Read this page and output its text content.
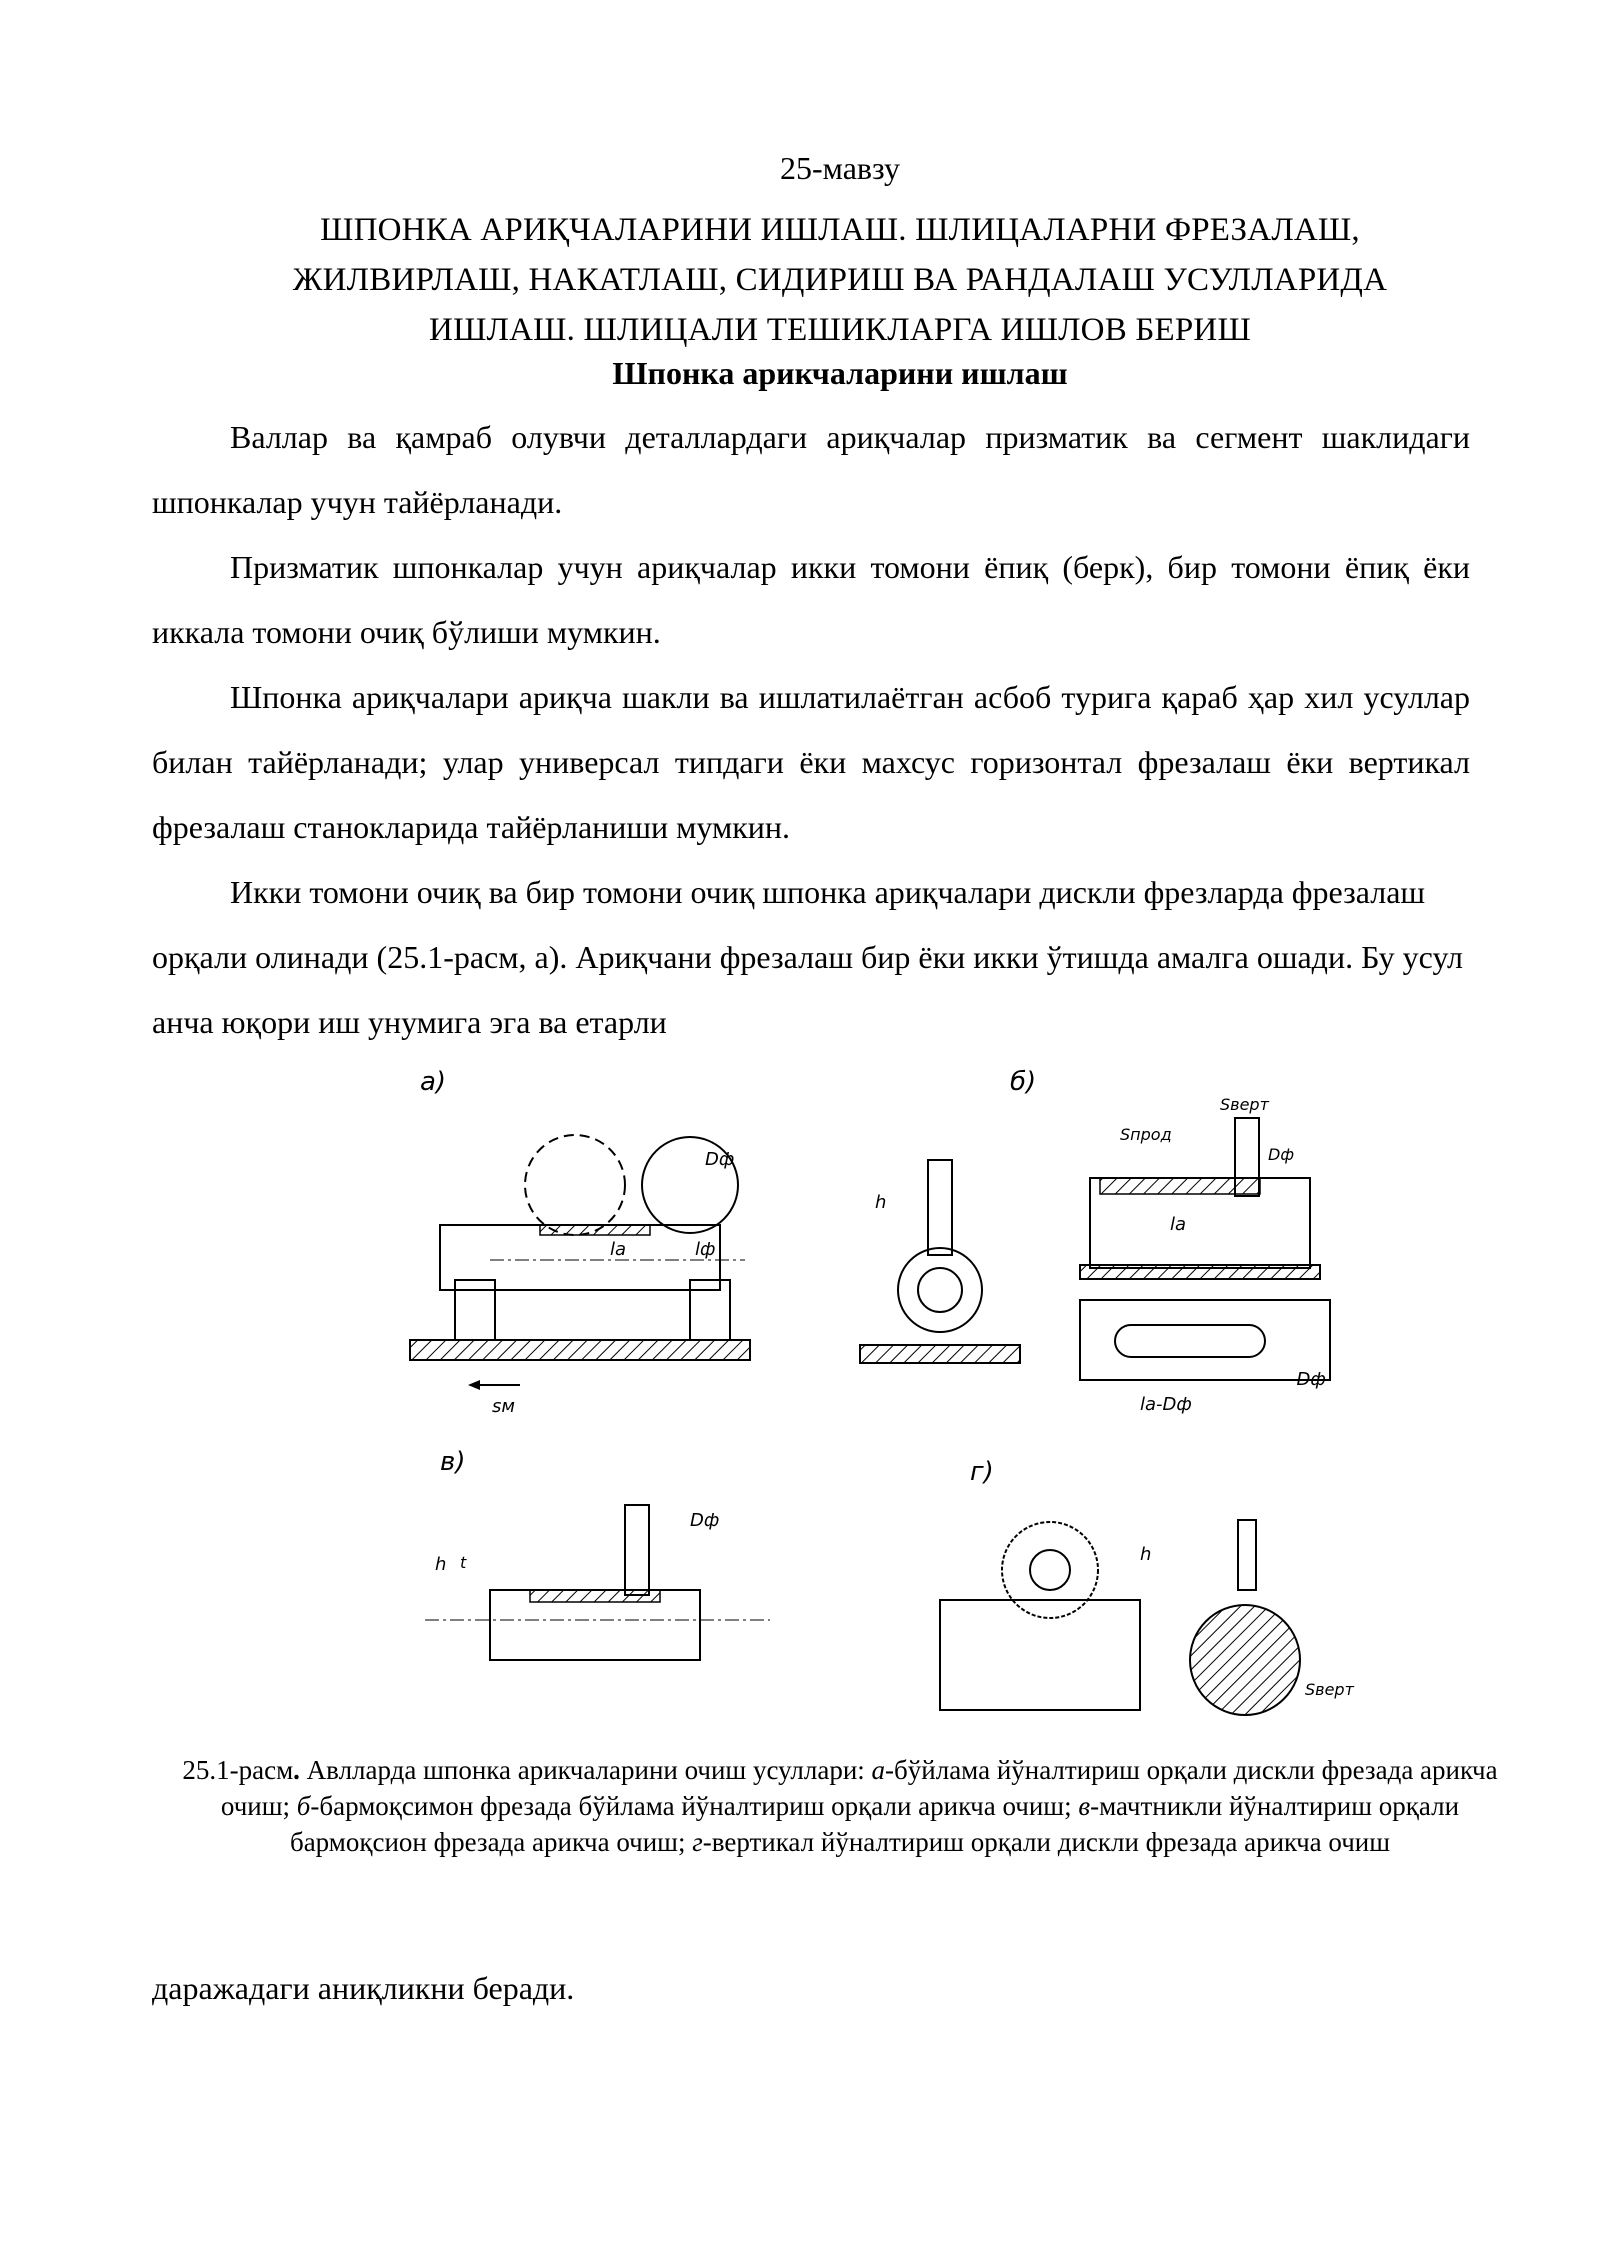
25-мавзу
ШПОНКА АРИҚЧАЛАРИНИ ИШЛАШ. ШЛИЦАЛАРНИ ФРЕЗАЛАШ,
ЖИЛВИРЛАШ, НАКАТЛАШ, СИДИРИШ ВА РАНДАЛАШ УСУЛЛАРИДА
ИШЛАШ. ШЛИЦАЛИ ТЕШИКЛАРГА ИШЛОВ БЕРИШ
Шпонка арикчаларини ишлаш

Валлар ва қамраб олувчи деталлардаги ариқчалар призматик ва сегмент шаклидаги шпонкалар учун тайёрланади.

Призматик шпонкалар учун ариқчалар икки томони ёпиқ (берк), бир томони ёпиқ ёки иккала томони очиқ бўлиши мумкин.

Шпонка ариқчалари ариқча шакли ва ишлатилаётган асбоб турига қараб ҳар хил усуллар билан тайёрланади; улар универсал типдаги ёки махсус горизонтал фрезалаш ёки вертикал фрезалаш станокларида тайёрланиши мумкин.

Икки томони очиқ ва бир томони очиқ шпонка ариқчалари дискли фрезларда фрезалаш орқали олинади (25.1-расм, а). Ариқчани фрезалаш бир ёки икки ўтишда амалга ошади. Бу усул анча юқори иш унумига эга ва етарли

а)
Dф
lа	lф
sм
б)
h
Sпрод
Sверт
Dф
lа
lа-Dф
-Dф
в)
Dф
h t
г)
h
Sверт
25.1-расм. Авлларда шпонка арикчаларини очиш усуллари: а-бўйлама йўналтириш орқали дискли фрезада арикча очиш; б-бармоқсимон фрезада бўйлама йўналтириш орқали арикча очиш; в-мачтникли йўналтириш орқали бармоқсион фрезада арикча очиш; г-вертикал йўналтириш орқали дискли фрезада арикча очиш
даражадаги аниқликни беради.
